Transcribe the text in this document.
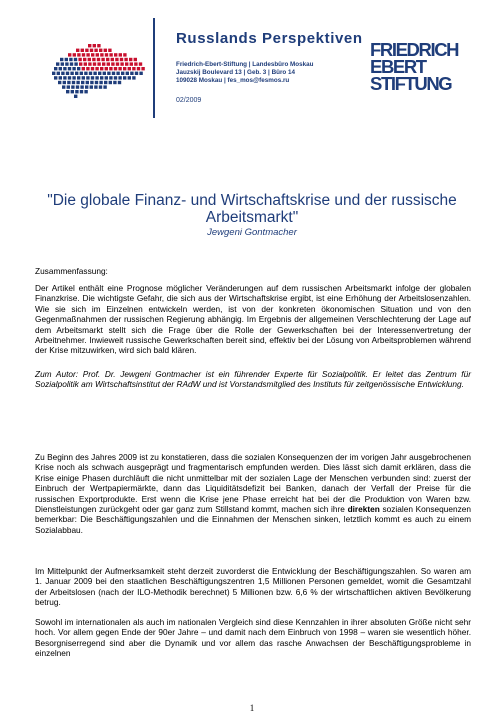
Russlands Perspektiven
Friedrich-Ebert-Stiftung | Landesbüro Moskau
Jauzskij Boulevard 13 | Geb. 3 | Büro 14
109028 Moskau | fes_mos@fesmos.ru
02/2009
FRIEDRICH
EBERT
STIFTUNG
"Die globale Finanz- und Wirtschaftskrise und der russische Arbeitsmarkt"
Jewgeni Gontmacher
Zusammenfassung:
Der Artikel enthält eine Prognose möglicher Veränderungen auf dem russischen Arbeitsmarkt infolge der globalen Finanzkrise. Die wichtigste Gefahr, die sich aus der Wirtschaftskrise ergibt, ist eine Erhöhung der Arbeitslosenzahlen. Wie sie sich im Einzelnen entwickeln werden, ist von der konkreten ökonomischen Situation und von den Gegenmaßnahmen der russischen Regierung abhängig. Im Ergebnis der allgemeinen Verschlechterung der Lage auf dem Arbeitsmarkt stellt sich die Frage über die Rolle der Gewerkschaften bei der Interessenvertretung der Arbeitnehmer. Inwieweit russische Gewerkschaften bereit sind, effektiv bei der Lösung von Arbeitsproblemen während der Krise mitzuwirken, wird sich bald klären.
Zum Autor: Prof. Dr. Jewgeni Gontmacher ist ein führender Experte für Sozialpolitik. Er leitet das Zentrum für Sozialpolitik am Wirtschaftsinstitut der RAdW und ist Vorstandsmitglied des Instituts für zeitgenössische Entwicklung.
Zu Beginn des Jahres 2009 ist zu konstatieren, dass die sozialen Konsequenzen der im vorigen Jahr ausgebrochenen Krise noch als schwach ausgeprägt und fragmentarisch empfunden werden. Dies lässt sich damit erklären, dass die Krise einige Phasen durchläuft die nicht unmittelbar mit der sozialen Lage der Menschen verbunden sind: zuerst der Einbruch der Wertpapiermärkte, dann das Liquiditätsdefizit bei Banken, danach der Verfall der Preise für die russischen Exportprodukte. Erst wenn die Krise jene Phase erreicht hat bei der die Produktion von Waren bzw. Dienstleistungen zurückgeht oder gar ganz zum Stillstand kommt, machen sich ihre direkten sozialen Konsequenzen bemerkbar: Die Beschäftigungszahlen und die Einnahmen der Menschen sinken, letztlich kommt es auch zu einem Sozialabbau.
Im Mittelpunkt der Aufmerksamkeit steht derzeit zuvorderst die Entwicklung der Beschäftigungszahlen. So waren am 1. Januar 2009 bei den staatlichen Beschäftigungszentren 1,5 Millionen Personen gemeldet, womit die Gesamtzahl der Arbeitslosen (nach der ILO-Methodik berechnet) 5 Millionen bzw. 6,6 % der wirtschaftlichen aktiven Bevölkerung betrug.
Sowohl im internationalen als auch im nationalen Vergleich sind diese Kennzahlen in ihrer absoluten Größe nicht sehr hoch. Vor allem gegen Ende der 90er Jahre – und damit nach dem Einbruch von 1998 – waren sie wesentlich höher. Besorgniserregend sind aber die Dynamik und vor allem das rasche Anwachsen der Beschäftigungsprobleme in einzelnen
1
